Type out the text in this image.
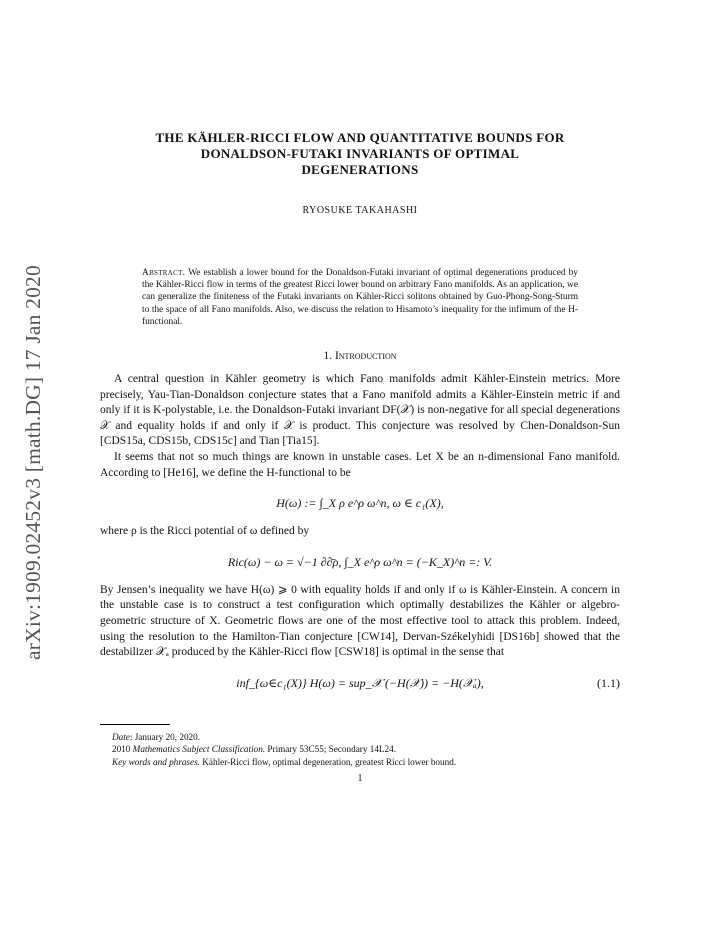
arXiv:1909.02452v3 [math.DG] 17 Jan 2020
THE KÄHLER-RICCI FLOW AND QUANTITATIVE BOUNDS FOR
DONALDSON-FUTAKI INVARIANTS OF OPTIMAL
DEGENERATIONS
RYOSUKE TAKAHASHI
Abstract. We establish a lower bound for the Donaldson-Futaki invariant of optimal degenerations produced by the Kähler-Ricci flow in terms of the greatest Ricci lower bound on arbitrary Fano manifolds. As an application, we can generalize the finiteness of the Futaki invariants on Kähler-Ricci solitons obtained by Guo-Phong-Song-Sturm to the space of all Fano manifolds. Also, we discuss the relation to Hisamoto’s inequality for the infimum of the H-functional.
1. Introduction

A central question in Kähler geometry is which Fano manifolds admit Kähler-Einstein metrics. More precisely, Yau-Tian-Donaldson conjecture states that a Fano manifold admits a Kähler-Einstein metric if and only if it is K-polystable, i.e. the Donaldson-Futaki invariant DF(𝒳) is non-negative for all special degenerations 𝒳 and equality holds if and only if 𝒳 is product. This conjecture was resolved by Chen-Donaldson-Sun [CDS15a, CDS15b, CDS15c] and Tian [Tia15].

It seems that not so much things are known in unstable cases. Let X be an n-dimensional Fano manifold. According to [He16], we define the H-functional to be

H(ω) := ∫_X ρ e^ρ ω^n, ω ∈ c₁(X),

where ρ is the Ricci potential of ω defined by

Ric(ω) − ω = √−1 ∂∂̄ρ, ∫_X e^ρ ω^n = (−K_X)^n =: V.

By Jensen’s inequality we have H(ω) ⩾ 0 with equality holds if and only if ω is Kähler-Einstein. A concern in the unstable case is to construct a test configuration which optimally destabilizes the Kähler or algebro-geometric structure of X. Geometric flows are one of the most effective tool to attack this problem. Indeed, using the resolution to the Hamilton-Tian conjecture [CW14], Dervan-Székelyhidi [DS16b] showed that the destabilizer 𝒳ₐ produced by the Kähler-Ricci flow [CSW18] is optimal in the sense that

inf_{ω∈c₁(X)} H(ω) = sup_𝒳 (−H(𝒳)) = −H(𝒳ₐ),	(1.1)
Date: January 20, 2020.
2010 Mathematics Subject Classification. Primary 53C55; Secondary 14L24.
Key words and phrases. Kähler-Ricci flow, optimal degeneration, greatest Ricci lower bound.
1
